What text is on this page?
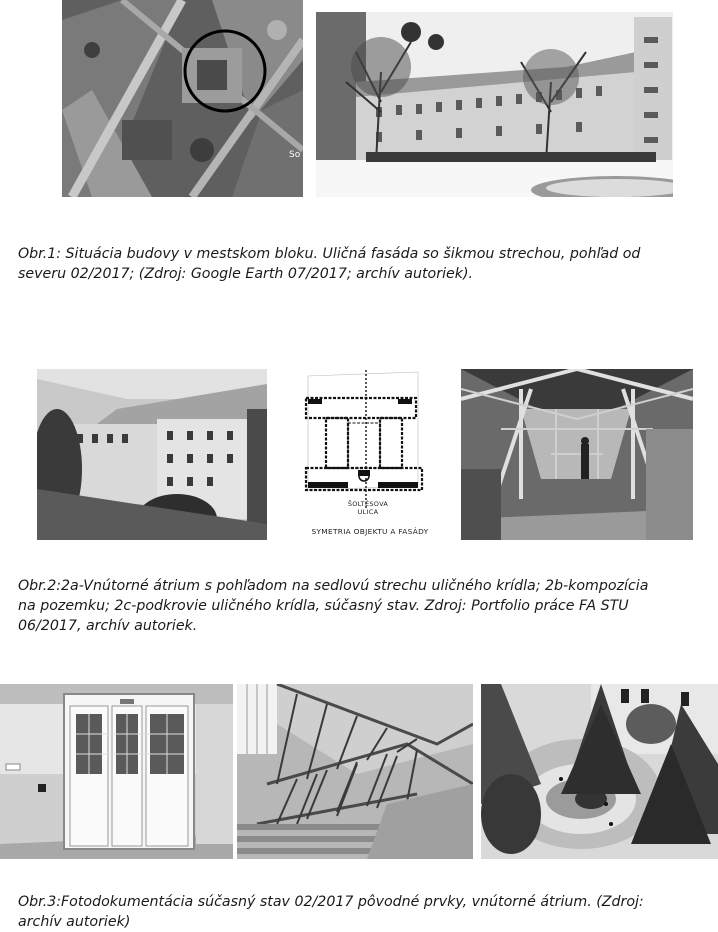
So
Obr.1: Situácia budovy v mestskom bloku. Uličná fasáda so šikmou strechou, pohľad od
severu 02/2017; (Zdroj: Google Earth 07/2017; archív autoriek).
ŠOLTÉSOVA ULICA
SYMETRIA OBJEKTU A FASÁDY
Obr.2:2a-Vnútorné átrium s pohľadom na sedlovú strechu uličného krídla; 2b-kompozícia
na pozemku; 2c-podkrovie uličného krídla, súčasný stav. Zdroj: Portfolio práce FA STU
06/2017, archív autoriek.
Obr.3:Fotodokumentácia súčasný stav 02/2017 pôvodné prvky, vnútorné átrium. (Zdroj:
archív autoriek)
